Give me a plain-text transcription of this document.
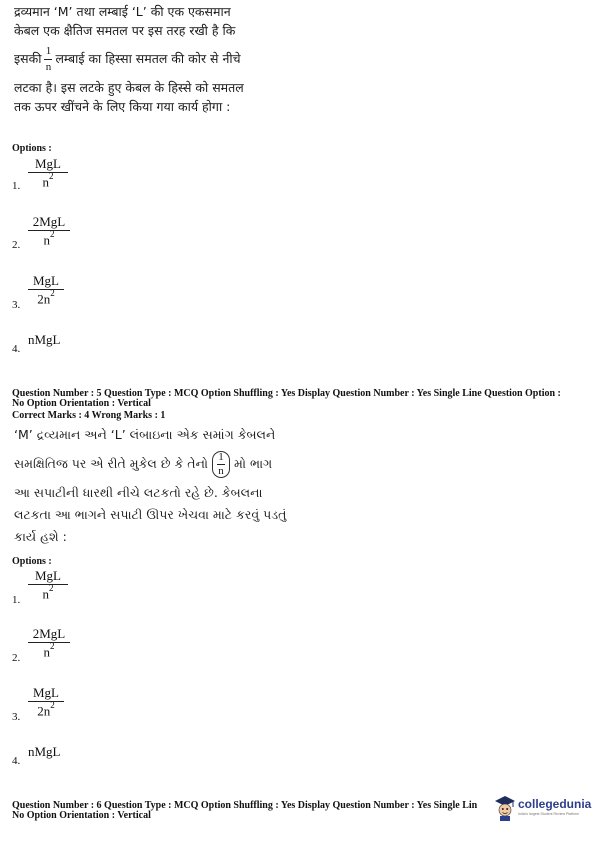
द्रव्यमान ‘M’ तथा लम्बाई ‘L’ की एक एकसमान
केबल एक क्षैतिज समतल पर इस तरह रखी है कि
इसकी $\frac{1}{n}$ लम्बाई का हिस्सा समतल की कोर से नीचे
लटका है। इस लटके हुए केबल के हिस्से को समतल
तक ऊपर खींचने के लिए किया गया कार्य होगा :
Options :
1.
MgL
$n^2$
2.
2MgL
$n^2$
3.
MgL
$2n^2$
4.
nMgL
Question Number : 5 Question Type : MCQ Option Shuffling : Yes Display Question Number : Yes Single Line Question Option :
No Option Orientation : Vertical
Correct Marks : 4 Wrong Marks : 1
‘M’ દ્રવ્યમાન અને ‘L’ લંબાઇના એક સમાંગ કેબલને
સમક્ષિતિજ પર એ રીતે મુકેલ છે કે તેનો $\frac{1}{n}$ મો ભાગ
આ સપાટીની ધારથી નીચે લટકતો રહે છે. કેબલના
લટકતા આ ભાગને સપાટી ઊપર ખેચવા માટે કરવું પડતું
કાર્ય હશે :
Options :
1.
MgL
$n^2$
2.
2MgL
$n^2$
3.
MgL
$2n^2$
4.
nMgL
Question Number : 6 Question Type : MCQ Option Shuffling : Yes Display Question Number : Yes Single Lin
No Option Orientation : Vertical
collegedunia
India's largest Student Review Platform
